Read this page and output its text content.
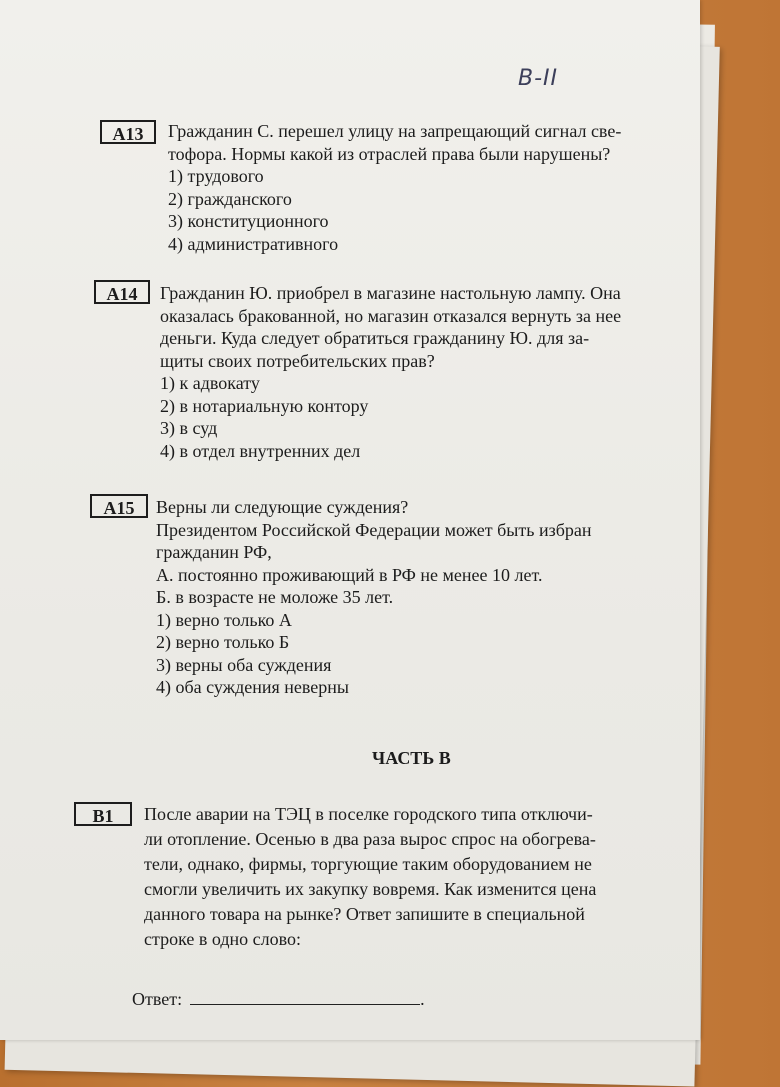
В-II
А13	Гражданин С. перешел улицу на запрещающий сигнал све-
тофора. Нормы какой из отраслей права были нарушены?
1) трудового
2) гражданского
3) конституционного
4) административного
А14	Гражданин Ю. приобрел в магазине настольную лампу. Она
оказалась бракованной, но магазин отказался вернуть за нее
деньги. Куда следует обратиться гражданину Ю. для за-
щиты своих потребительских прав?
1) к адвокату
2) в нотариальную контору
3) в суд
4) в отдел внутренних дел
А15	Верны ли следующие суждения?
Президентом Российской Федерации может быть избран
гражданин РФ,
А. постоянно проживающий в РФ не менее 10 лет.
Б. в возрасте не моложе 35 лет.
1) верно только А
2) верно только Б
3) верны оба суждения
4) оба суждения неверны
ЧАСТЬ В
В1	После аварии на ТЭЦ в поселке городского типа отключи-
ли отопление. Осенью в два раза вырос спрос на обогрева-
тели, однако, фирмы, торгующие таким оборудованием не
смогли увеличить их закупку вовремя. Как изменится цена
данного товара на рынке? Ответ запишите в специальной
строке в одно слово:
Ответ:	.
